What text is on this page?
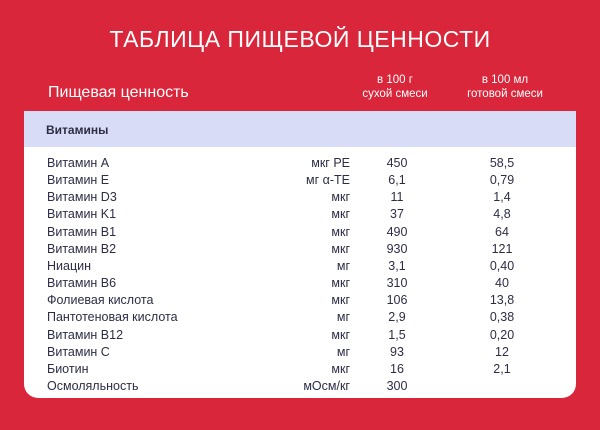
ТАБЛИЦА ПИЩЕВОЙ ЦЕННОСТИ
Пищевая ценность
в 100 г
сухой смеси
в 100 мл
готовой смеси
Витамины
Витамин A	мкг РЕ	450	58,5
Витамин E	мг α-ТЕ	6,1	0,79
Витамин D3	мкг	11	1,4
Витамин K1	мкг	37	4,8
Витамин B1	мкг	490	64
Витамин B2	мкг	930	121
Ниацин	мг	3,1	0,40
Витамин B6	мкг	310	40
Фолиевая кислота	мкг	106	13,8
Пантотеновая кислота	мг	2,9	0,38
Витамин B12	мкг	1,5	0,20
Витамин C	мг	93	12
Биотин	мкг	16	2,1
Осмоляльность	мОсм/кг	300
